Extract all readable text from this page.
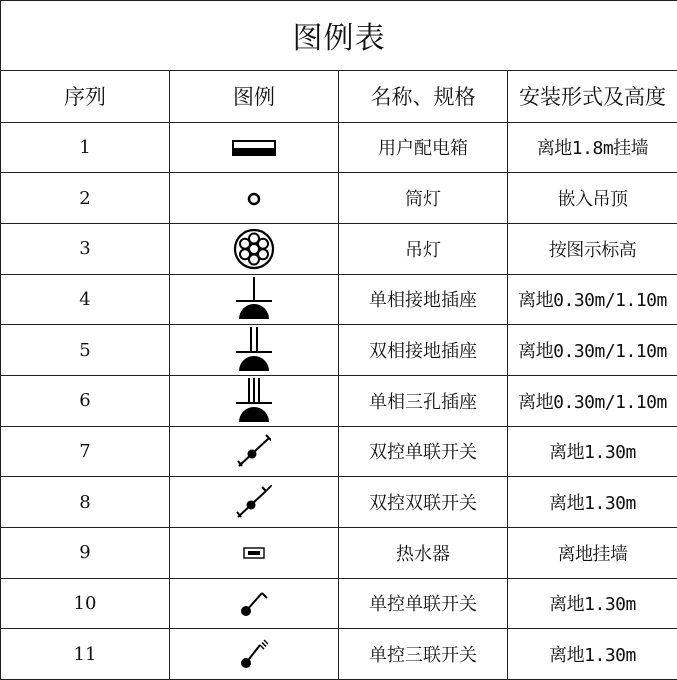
图例表			
序列	图例	名称、规格	安装形式及高度
1		用户配电箱	离地1.8m挂墙
2		筒灯	嵌入吊顶
3		吊灯	按图示标高
4		单相接地插座	离地0.30m/1.10m
5		双相接地插座	离地0.30m/1.10m
6		单相三孔插座	离地0.30m/1.10m
7		双控单联开关	离地1.30m
8		双控双联开关	离地1.30m
9		热水器	离地挂墙
10		单控单联开关	离地1.30m
11		单控三联开关	离地1.30m
